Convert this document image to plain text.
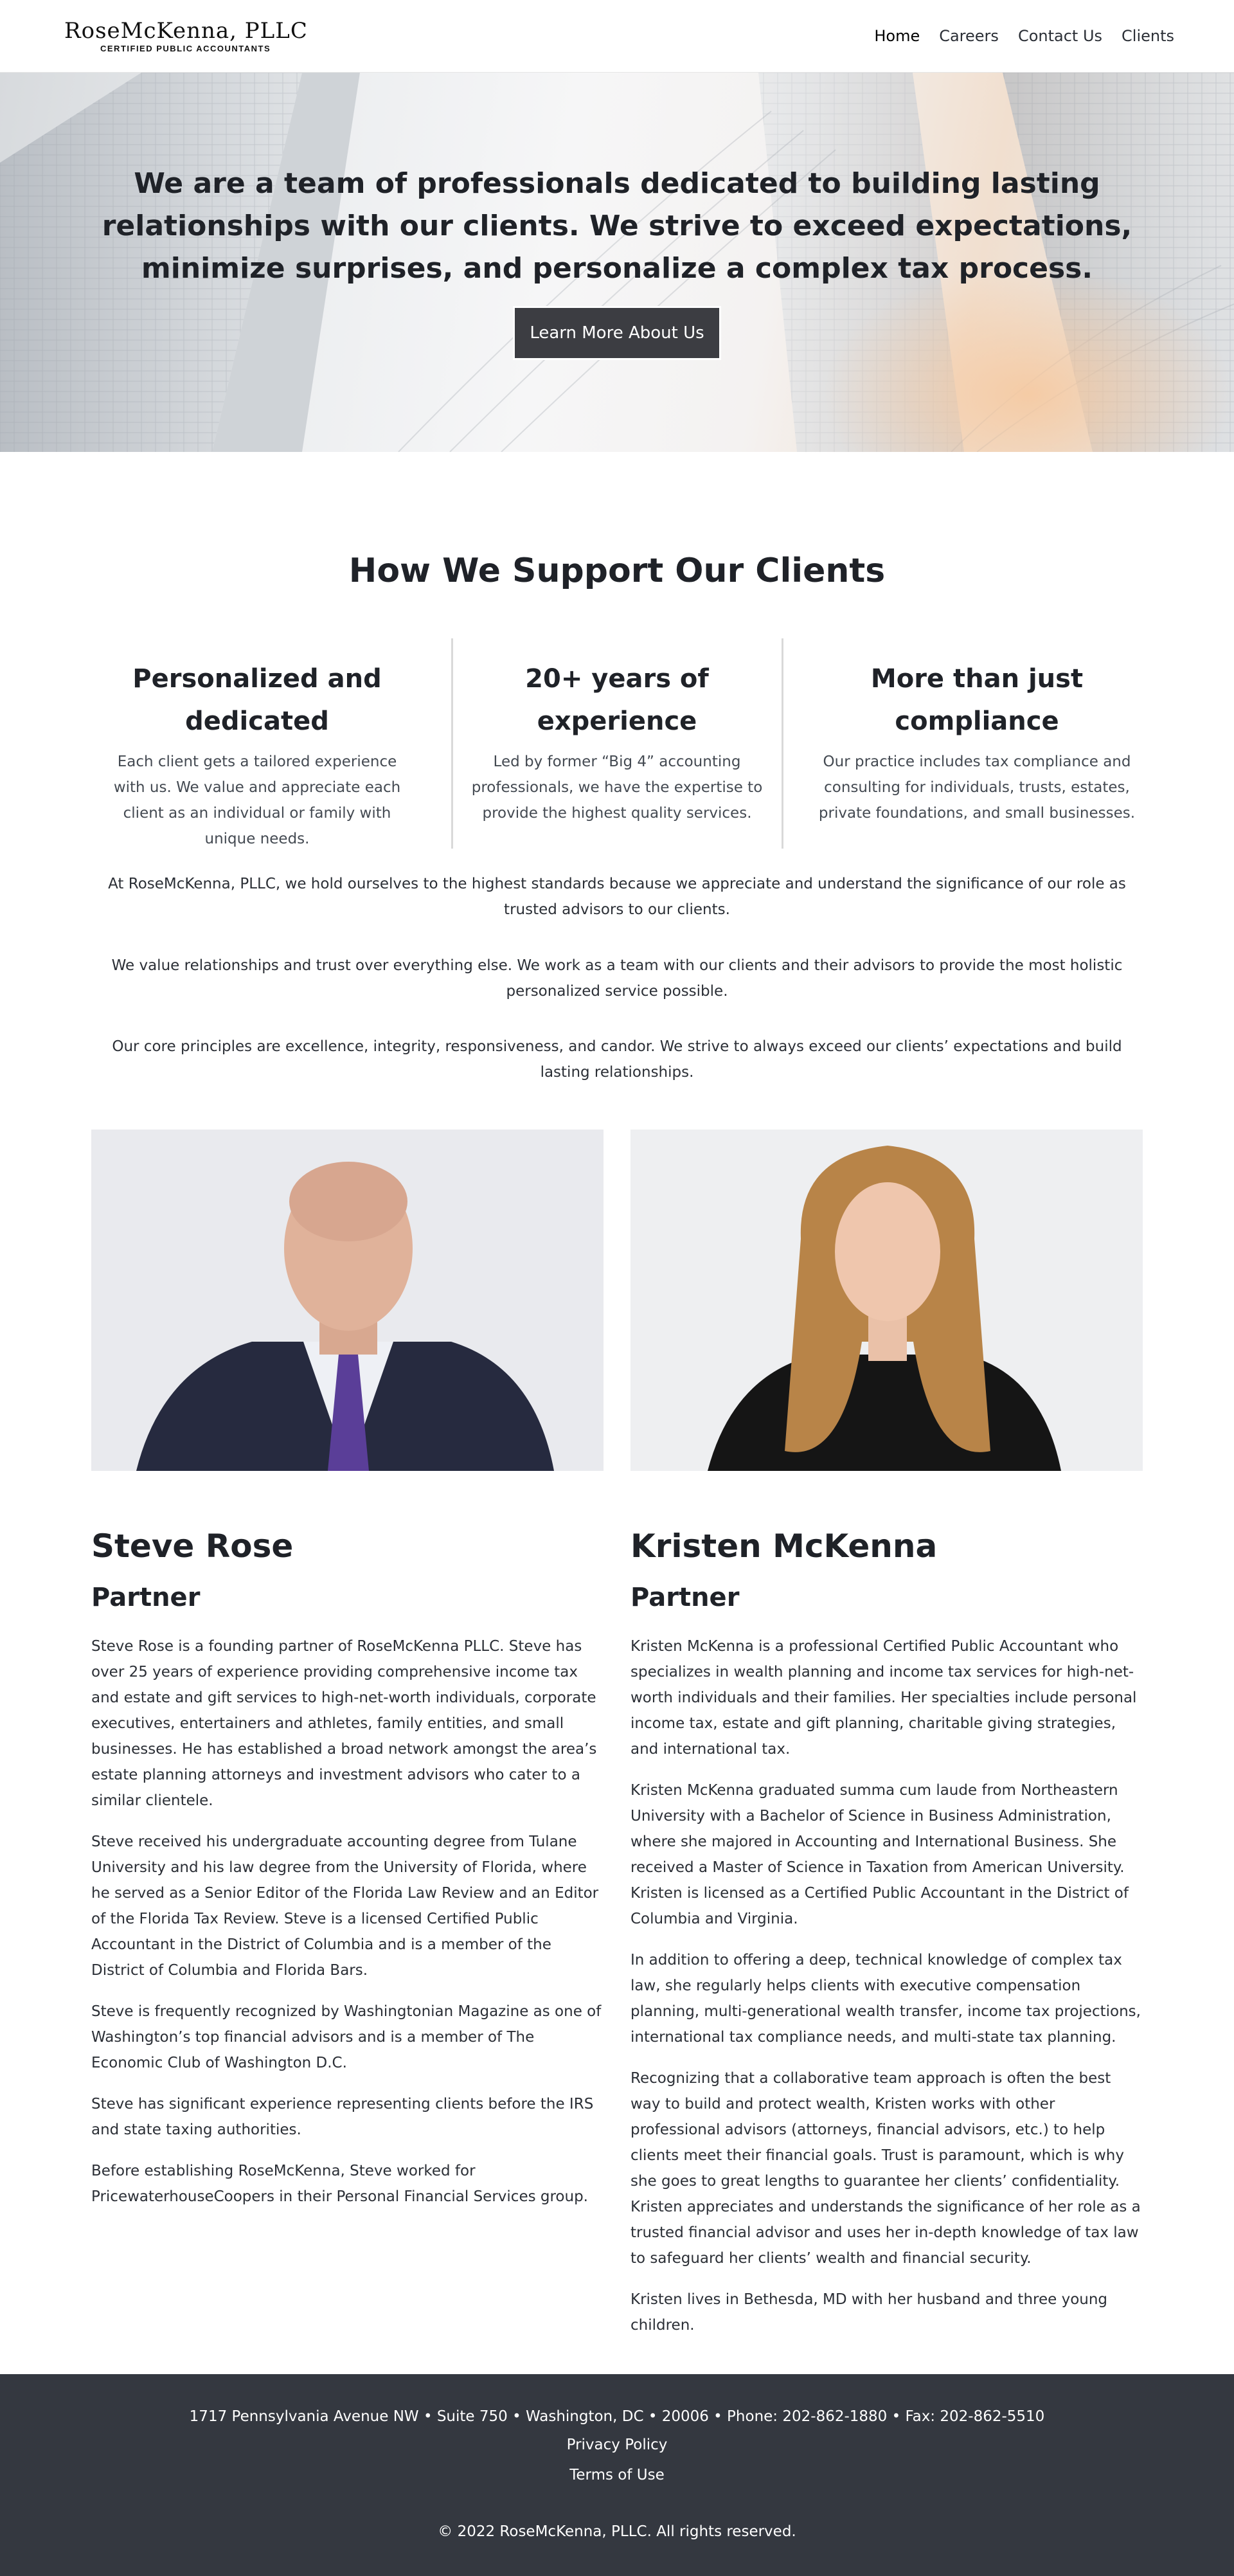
RoseMcKenna, PLLC
CERTIFIED PUBLIC ACCOUNTANTS
Home Careers Contact Us Clients
We are a team of professionals dedicated to building lasting relationships with our clients. We strive to exceed expectations, minimize surprises, and personalize a complex tax process.
Learn More About Us
How We Support Our Clients
Personalized and dedicated

Each client gets a tailored experience with us. We value and appreciate each client as an individual or family with unique needs.

20+ years of experience

Led by former “Big 4” accounting professionals, we have the expertise to provide the highest quality services.

More than just compliance

Our practice includes tax compliance and consulting for individuals, trusts, estates, private foundations, and small businesses.

At RoseMcKenna, PLLC, we hold ourselves to the highest standards because we appreciate and understand the significance of our role as trusted advisors to our clients.

We value relationships and trust over everything else. We work as a team with our clients and their advisors to provide the most holistic personalized service possible.

Our core principles are excellence, integrity, responsiveness, and candor. We strive to always exceed our clients’ expectations and build lasting relationships.

Steve Rose
Partner

Steve Rose is a founding partner of RoseMcKenna PLLC. Steve has over 25 years of experience providing comprehensive income tax and estate and gift services to high-net-worth individuals, corporate executives, entertainers and athletes, family entities, and small businesses. He has established a broad network amongst the area’s estate planning attorneys and investment advisors who cater to a similar clientele.

Steve received his undergraduate accounting degree from Tulane University and his law degree from the University of Florida, where he served as a Senior Editor of the Florida Law Review and an Editor of the Florida Tax Review. Steve is a licensed Certified Public Accountant in the District of Columbia and is a member of the District of Columbia and Florida Bars.

Steve is frequently recognized by Washingtonian Magazine as one of Washington’s top financial advisors and is a member of The Economic Club of Washington D.C.

Steve has significant experience representing clients before the IRS and state taxing authorities.

Before establishing RoseMcKenna, Steve worked for PricewaterhouseCoopers in their Personal Financial Services group.

Kristen McKenna
Partner

Kristen McKenna is a professional Certified Public Accountant who specializes in wealth planning and income tax services for high-net-worth individuals and their families. Her specialties include personal income tax, estate and gift planning, charitable giving strategies, and international tax.

Kristen McKenna graduated summa cum laude from Northeastern University with a Bachelor of Science in Business Administration, where she majored in Accounting and International Business. She received a Master of Science in Taxation from American University. Kristen is licensed as a Certified Public Accountant in the District of Columbia and Virginia.

In addition to offering a deep, technical knowledge of complex tax law, she regularly helps clients with executive compensation planning, multi-generational wealth transfer, income tax projections, international tax compliance needs, and multi-state tax planning.

Recognizing that a collaborative team approach is often the best way to build and protect wealth, Kristen works with other professional advisors (attorneys, financial advisors, etc.) to help clients meet their financial goals. Trust is paramount, which is why she goes to great lengths to guarantee her clients’ confidentiality. Kristen appreciates and understands the significance of her role as a trusted financial advisor and uses her in-depth knowledge of tax law to safeguard her clients’ wealth and financial security.

Kristen lives in Bethesda, MD with her husband and three young children.

1717 Pennsylvania Avenue NW • Suite 750 • Washington, DC • 20006 • Phone: 202-862-1880 • Fax: 202-862-5510
Privacy Policy
Terms of Use
© 2022 RoseMcKenna, PLLC. All rights reserved.
